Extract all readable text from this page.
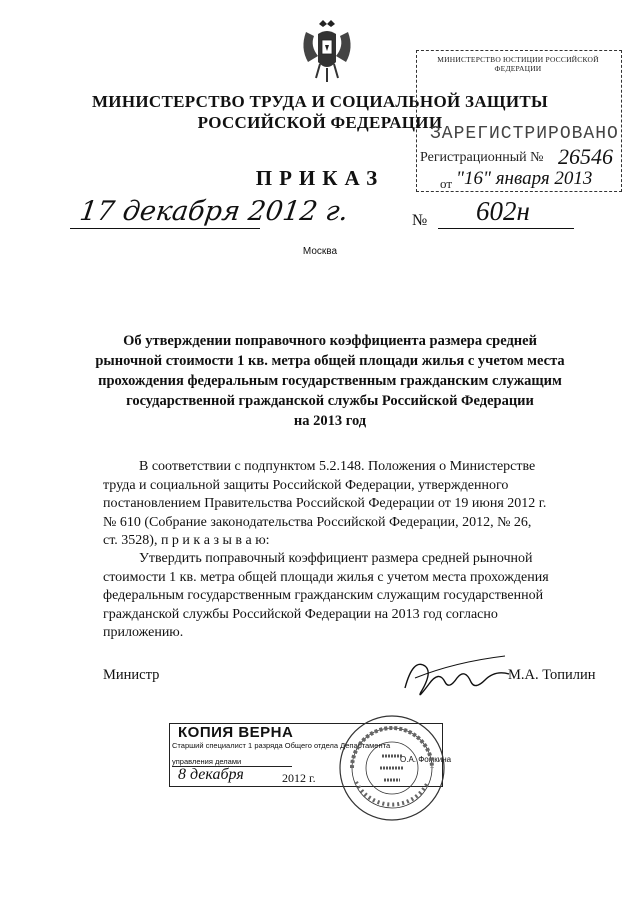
МИНИСТЕРСТВО ТРУДА И СОЦИАЛЬНОЙ ЗАЩИТЫ
РОССИЙСКОЙ ФЕДЕРАЦИИ
МИНИСТЕРСТВО ЮСТИЦИИ РОССИЙСКОЙ ФЕДЕРАЦИИ
ЗАРЕГИСТРИРОВАНО
Регистрационный № 26546
от "16" января 2013
ПРИКАЗ
17 декабря 2012 г.	№ 602н
Москва
Об утверждении поправочного коэффициента размера средней
рыночной стоимости 1 кв. метра общей площади жилья с учетом места
прохождения федеральным государственным гражданским служащим
государственной гражданской службы Российской Федерации
на 2013 год
В соответствии с подпунктом 5.2.148. Положения о Министерстве
труда и социальной защиты Российской Федерации, утвержденного
постановлением Правительства Российской Федерации от 19 июня 2012 г.
№ 610 (Собрание законодательства Российской Федерации, 2012, № 26,
ст. 3528), п р и к а з ы в а ю:
Утвердить поправочный коэффициент размера средней рыночной
стоимости 1 кв. метра общей площади жилья с учетом места прохождения
федеральным государственным гражданским служащим государственной
гражданской службы Российской Федерации на 2013 год согласно
приложению.
Министр	М.А. Топилин
КОПИЯ ВЕРНА
Старший специалист 1 разряда Общего отдела Департамента
управления делами	О.А. Фомкина
8 декабря	2012 г.
